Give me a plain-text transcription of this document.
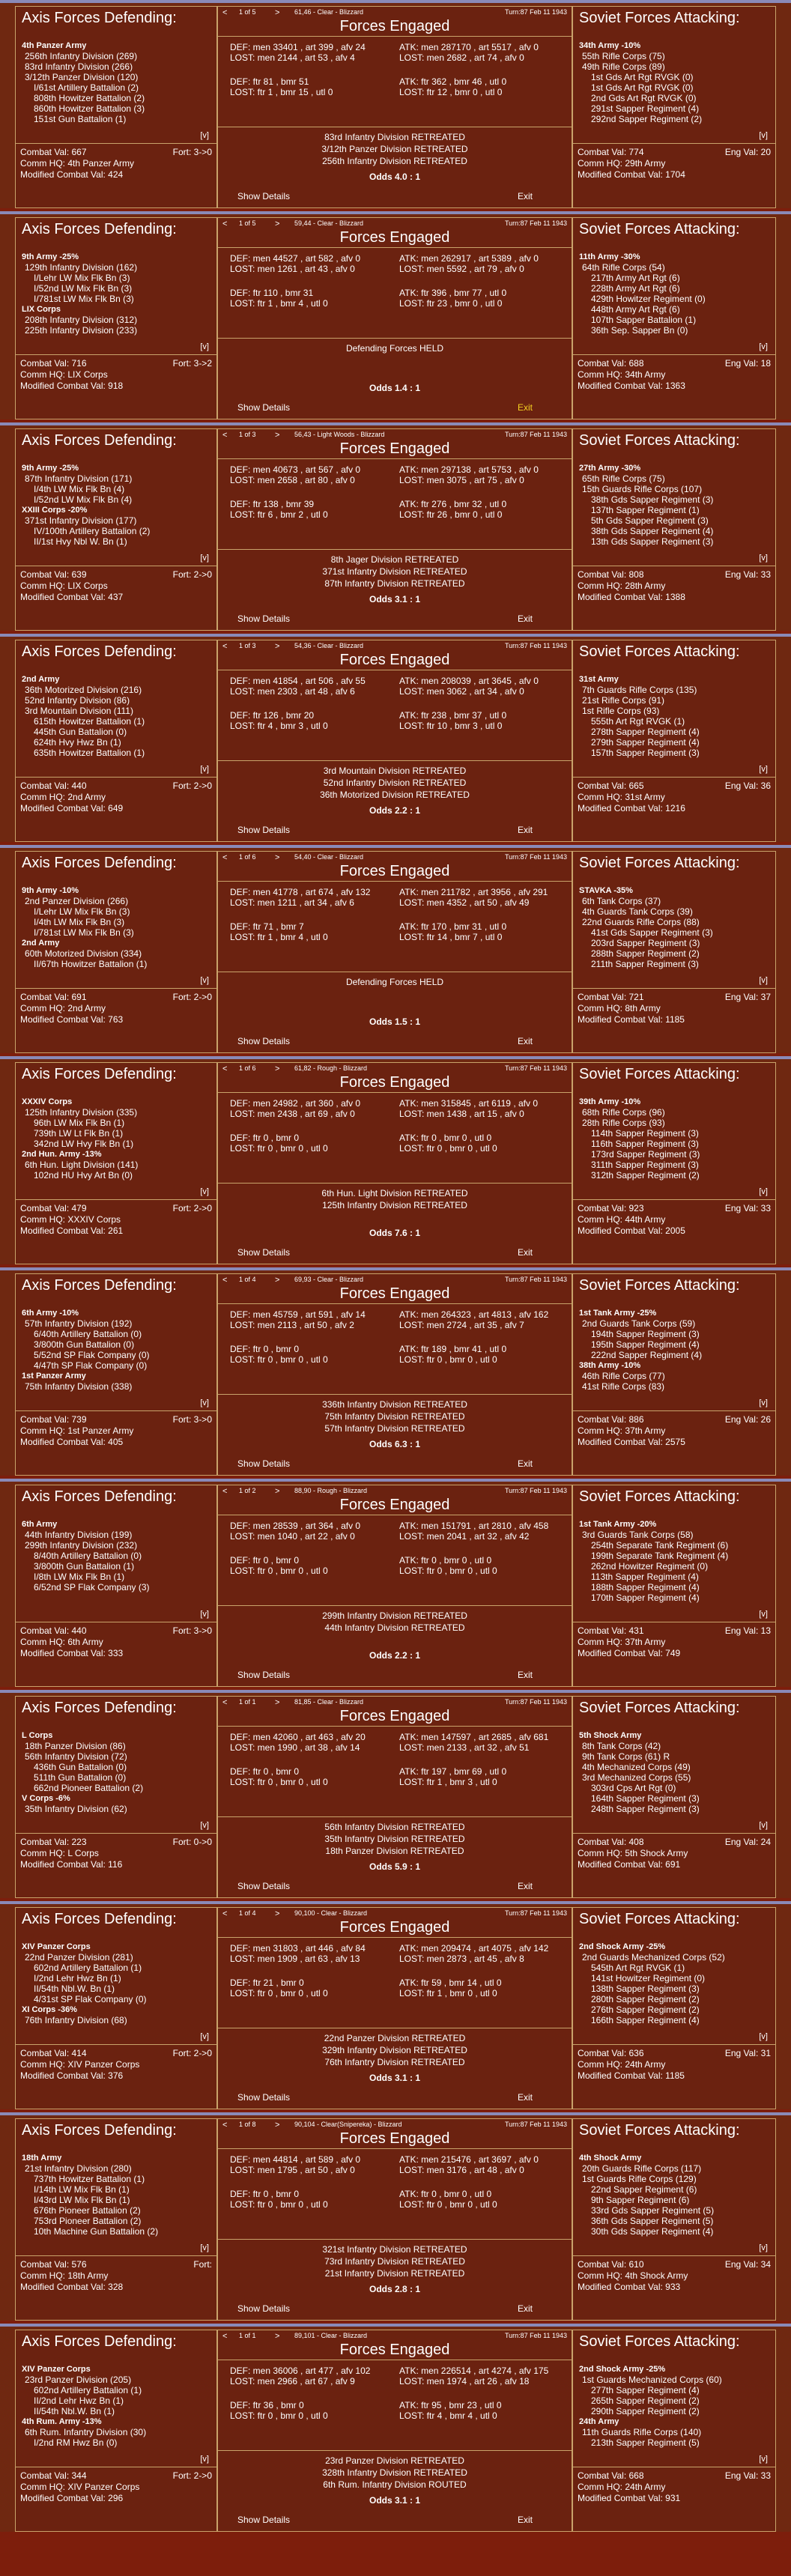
Axis Forces Defending:
4th Panzer Army
256th Infantry Division (269)
83rd Infantry Division (266)
3/12th Panzer Division (120)
I/61st Artillery Battalion (2)
808th Howitzer Battalion (2)
860th Howitzer Battalion (3)
151st Gun Battalion (1)
[v]
Combat Val: 667	Fort: 3->0
Comm HQ: 4th Panzer Army
Modified Combat Val: 424
<	1 of 5	>	61,46 - Clear - Blizzard	Turn:87 Feb 11 1943
Forces Engaged
DEF: men 33401 , art 399 , afv 24
LOST: men 2144 , art 53 , afv 4
ATK: men 287170 , art 5517 , afv 0
LOST: men 2682 , art 74 , afv 0
DEF: ftr 81 , bmr 51
LOST: ftr 1 , bmr 15 , utl 0
ATK: ftr 362 , bmr 46 , utl 0
LOST: ftr 12 , bmr 0 , utl 0
83rd Infantry Division RETREATED
3/12th Panzer Division RETREATED
256th Infantry Division RETREATED
Odds 4.0 : 1
Show Details	Exit
Soviet Forces Attacking:
34th Army -10%
55th Rifle Corps (75)
49th Rifle Corps (89)
1st Gds Art Rgt RVGK (0)
1st Gds Art Rgt RVGK (0)
2nd Gds Art Rgt RVGK (0)
291st Sapper Regiment (4)
292nd Sapper Regiment (2)
[v]
Combat Val: 774	Eng Val: 20
Comm HQ: 29th Army
Modified Combat Val: 1704
Axis Forces Defending:
9th Army -25%
129th Infantry Division (162)
I/Lehr LW Mix Flk Bn (3)
I/52nd LW Mix Flk Bn (3)
I/781st LW Mix Flk Bn (3)
LIX Corps
208th Infantry Division (312)
225th Infantry Division (233)
[v]
Combat Val: 716	Fort: 3->2
Comm HQ: LIX Corps
Modified Combat Val: 918
<	1 of 5	>	59,44 - Clear - Blizzard	Turn:87 Feb 11 1943
Forces Engaged
DEF: men 44527 , art 582 , afv 0
LOST: men 1261 , art 43 , afv 0
ATK: men 262917 , art 5389 , afv 0
LOST: men 5592 , art 79 , afv 0
DEF: ftr 110 , bmr 31
LOST: ftr 1 , bmr 4 , utl 0
ATK: ftr 396 , bmr 77 , utl 0
LOST: ftr 23 , bmr 0 , utl 0
Defending Forces HELD
Odds 1.4 : 1
Show Details	Exit
Soviet Forces Attacking:
11th Army -30%
64th Rifle Corps (54)
217th Army Art Rgt (6)
228th Army Art Rgt (6)
429th Howitzer Regiment (0)
448th Army Art Rgt (6)
107th Sapper Battalion (1)
36th Sep. Sapper Bn (0)
[v]
Combat Val: 688	Eng Val: 18
Comm HQ: 34th Army
Modified Combat Val: 1363
Axis Forces Defending:
9th Army -25%
87th Infantry Division (171)
I/4th LW Mix Flk Bn (4)
I/52nd LW Mix Flk Bn (4)
XXIII Corps -20%
371st Infantry Division (177)
IV/100th Artillery Battalion (2)
II/1st Hvy Nbl W. Bn (1)
[v]
Combat Val: 639	Fort: 2->0
Comm HQ: LIX Corps
Modified Combat Val: 437
<	1 of 3	>	56,43 - Light Woods - Blizzard	Turn:87 Feb 11 1943
Forces Engaged
DEF: men 40673 , art 567 , afv 0
LOST: men 2658 , art 80 , afv 0
ATK: men 297138 , art 5753 , afv 0
LOST: men 3075 , art 75 , afv 0
DEF: ftr 138 , bmr 39
LOST: ftr 6 , bmr 2 , utl 0
ATK: ftr 276 , bmr 32 , utl 0
LOST: ftr 26 , bmr 0 , utl 0
8th Jager Division RETREATED
371st Infantry Division RETREATED
87th Infantry Division RETREATED
Odds 3.1 : 1
Show Details	Exit
Soviet Forces Attacking:
27th Army -30%
65th Rifle Corps (75)
15th Guards Rifle Corps (107)
38th Gds Sapper Regiment (3)
137th Sapper Regiment (1)
5th Gds Sapper Regiment (3)
38th Gds Sapper Regiment (4)
13th Gds Sapper Regiment (3)
[v]
Combat Val: 808	Eng Val: 33
Comm HQ: 28th Army
Modified Combat Val: 1388
Axis Forces Defending:
2nd Army
36th Motorized Division (216)
52nd Infantry Division (86)
3rd Mountain Division (111)
615th Howitzer Battalion (1)
445th Gun Battalion (0)
624th Hvy Hwz Bn (1)
635th Howitzer Battalion (1)
[v]
Combat Val: 440	Fort: 2->0
Comm HQ: 2nd Army
Modified Combat Val: 649
<	1 of 3	>	54,36 - Clear - Blizzard	Turn:87 Feb 11 1943
Forces Engaged
DEF: men 41854 , art 506 , afv 55
LOST: men 2303 , art 48 , afv 6
ATK: men 208039 , art 3645 , afv 0
LOST: men 3062 , art 34 , afv 0
DEF: ftr 126 , bmr 20
LOST: ftr 4 , bmr 3 , utl 0
ATK: ftr 238 , bmr 37 , utl 0
LOST: ftr 10 , bmr 3 , utl 0
3rd Mountain Division RETREATED
52nd Infantry Division RETREATED
36th Motorized Division RETREATED
Odds 2.2 : 1
Show Details	Exit
Soviet Forces Attacking:
31st Army
7th Guards Rifle Corps (135)
21st Rifle Corps (91)
1st Rifle Corps (93)
555th Art Rgt RVGK (1)
278th Sapper Regiment (4)
279th Sapper Regiment (4)
157th Sapper Regiment (3)
[v]
Combat Val: 665	Eng Val: 36
Comm HQ: 31st Army
Modified Combat Val: 1216
Axis Forces Defending:
9th Army -10%
2nd Panzer Division (266)
I/Lehr LW Mix Flk Bn (3)
I/4th LW Mix Flk Bn (3)
I/781st LW Mix Flk Bn (3)
2nd Army
60th Motorized Division (334)
II/67th Howitzer Battalion (1)
[v]
Combat Val: 691	Fort: 2->0
Comm HQ: 2nd Army
Modified Combat Val: 763
<	1 of 6	>	54,40 - Clear - Blizzard	Turn:87 Feb 11 1943
Forces Engaged
DEF: men 41778 , art 674 , afv 132
LOST: men 1211 , art 34 , afv 6
ATK: men 211782 , art 3956 , afv 291
LOST: men 4352 , art 50 , afv 49
DEF: ftr 71 , bmr 7
LOST: ftr 1 , bmr 4 , utl 0
ATK: ftr 170 , bmr 31 , utl 0
LOST: ftr 14 , bmr 7 , utl 0
Defending Forces HELD
Odds 1.5 : 1
Show Details	Exit
Soviet Forces Attacking:
STAVKA -35%
6th Tank Corps (37)
4th Guards Tank Corps (39)
22nd Guards Rifle Corps (88)
41st Gds Sapper Regiment (3)
203rd Sapper Regiment (3)
288th Sapper Regiment (2)
211th Sapper Regiment (3)
[v]
Combat Val: 721	Eng Val: 37
Comm HQ: 8th Army
Modified Combat Val: 1185
Axis Forces Defending:
XXXIV Corps
125th Infantry Division (335)
96th LW Mix Flk Bn (1)
739th LW Lt Flk Bn (1)
342nd LW Hvy Flk Bn (1)
2nd Hun. Army -13%
6th Hun. Light Division (141)
102nd HU Hvy Art Bn (0)
[v]
Combat Val: 479	Fort: 2->0
Comm HQ: XXXIV Corps
Modified Combat Val: 261
<	1 of 6	>	61,82 - Rough - Blizzard	Turn:87 Feb 11 1943
Forces Engaged
DEF: men 24982 , art 360 , afv 0
LOST: men 2438 , art 69 , afv 0
ATK: men 315845 , art 6119 , afv 0
LOST: men 1438 , art 15 , afv 0
DEF: ftr 0 , bmr 0
LOST: ftr 0 , bmr 0 , utl 0
ATK: ftr 0 , bmr 0 , utl 0
LOST: ftr 0 , bmr 0 , utl 0
6th Hun. Light Division RETREATED
125th Infantry Division RETREATED
Odds 7.6 : 1
Show Details	Exit
Soviet Forces Attacking:
39th Army -10%
68th Rifle Corps (96)
28th Rifle Corps (93)
114th Sapper Regiment (3)
116th Sapper Regiment (3)
173rd Sapper Regiment (3)
311th Sapper Regiment (3)
312th Sapper Regiment (2)
[v]
Combat Val: 923	Eng Val: 33
Comm HQ: 44th Army
Modified Combat Val: 2005
Axis Forces Defending:
6th Army -10%
57th Infantry Division (192)
6/40th Artillery Battalion (0)
3/800th Gun Battalion (0)
5/52nd SP Flak Company (0)
4/47th SP Flak Company (0)
1st Panzer Army
75th Infantry Division (338)
[v]
Combat Val: 739	Fort: 3->0
Comm HQ: 1st Panzer Army
Modified Combat Val: 405
<	1 of 4	>	69,93 - Clear - Blizzard	Turn:87 Feb 11 1943
Forces Engaged
DEF: men 45759 , art 591 , afv 14
LOST: men 2113 , art 50 , afv 2
ATK: men 264323 , art 4813 , afv 162
LOST: men 2724 , art 35 , afv 7
DEF: ftr 0 , bmr 0
LOST: ftr 0 , bmr 0 , utl 0
ATK: ftr 189 , bmr 41 , utl 0
LOST: ftr 0 , bmr 0 , utl 0
336th Infantry Division RETREATED
75th Infantry Division RETREATED
57th Infantry Division RETREATED
Odds 6.3 : 1
Show Details	Exit
Soviet Forces Attacking:
1st Tank Army -25%
2nd Guards Tank Corps (59)
194th Sapper Regiment (3)
195th Sapper Regiment (4)
222nd Sapper Regiment (4)
38th Army -10%
46th Rifle Corps (77)
41st Rifle Corps (83)
[v]
Combat Val: 886	Eng Val: 26
Comm HQ: 37th Army
Modified Combat Val: 2575
Axis Forces Defending:
6th Army
44th Infantry Division (199)
299th Infantry Division (232)
8/40th Artillery Battalion (0)
3/800th Gun Battalion (1)
I/8th LW Mix Flk Bn (1)
6/52nd SP Flak Company (3)
[v]
Combat Val: 440	Fort: 3->0
Comm HQ: 6th Army
Modified Combat Val: 333
<	1 of 2	>	88,90 - Rough - Blizzard	Turn:87 Feb 11 1943
Forces Engaged
DEF: men 28539 , art 364 , afv 0
LOST: men 1040 , art 22 , afv 0
ATK: men 151791 , art 2810 , afv 458
LOST: men 2041 , art 32 , afv 42
DEF: ftr 0 , bmr 0
LOST: ftr 0 , bmr 0 , utl 0
ATK: ftr 0 , bmr 0 , utl 0
LOST: ftr 0 , bmr 0 , utl 0
299th Infantry Division RETREATED
44th Infantry Division RETREATED
Odds 2.2 : 1
Show Details	Exit
Soviet Forces Attacking:
1st Tank Army -20%
3rd Guards Tank Corps (58)
254th Separate Tank Regiment (6)
199th Separate Tank Regiment (4)
262nd Howitzer Regiment (0)
113th Sapper Regiment (4)
188th Sapper Regiment (4)
170th Sapper Regiment (4)
[v]
Combat Val: 431	Eng Val: 13
Comm HQ: 37th Army
Modified Combat Val: 749
Axis Forces Defending:
L Corps
18th Panzer Division (86)
56th Infantry Division (72)
436th Gun Battalion (0)
511th Gun Battalion (0)
662nd Pioneer Battalion (2)
V Corps -6%
35th Infantry Division (62)
[v]
Combat Val: 223	Fort: 0->0
Comm HQ: L Corps
Modified Combat Val: 116
<	1 of 1	>	81,85 - Clear - Blizzard	Turn:87 Feb 11 1943
Forces Engaged
DEF: men 42060 , art 463 , afv 20
LOST: men 1990 , art 38 , afv 14
ATK: men 147597 , art 2685 , afv 681
LOST: men 2133 , art 32 , afv 51
DEF: ftr 0 , bmr 0
LOST: ftr 0 , bmr 0 , utl 0
ATK: ftr 197 , bmr 69 , utl 0
LOST: ftr 1 , bmr 3 , utl 0
56th Infantry Division RETREATED
35th Infantry Division RETREATED
18th Panzer Division RETREATED
Odds 5.9 : 1
Show Details	Exit
Soviet Forces Attacking:
5th Shock Army
8th Tank Corps (42)
9th Tank Corps (61) R
4th Mechanized Corps (49)
3rd Mechanized Corps (55)
303rd Cps Art Rgt (0)
164th Sapper Regiment (3)
248th Sapper Regiment (3)
[v]
Combat Val: 408	Eng Val: 24
Comm HQ: 5th Shock Army
Modified Combat Val: 691
Axis Forces Defending:
XIV Panzer Corps
22nd Panzer Division (281)
602nd Artillery Battalion (1)
I/2nd Lehr Hwz Bn (1)
II/54th Nbl.W. Bn (1)
4/31st SP Flak Company (0)
XI Corps -36%
76th Infantry Division (68)
[v]
Combat Val: 414	Fort: 2->0
Comm HQ: XIV Panzer Corps
Modified Combat Val: 376
<	1 of 4	>	90,100 - Clear - Blizzard	Turn:87 Feb 11 1943
Forces Engaged
DEF: men 31803 , art 446 , afv 84
LOST: men 1909 , art 63 , afv 13
ATK: men 209474 , art 4075 , afv 142
LOST: men 2873 , art 45 , afv 8
DEF: ftr 21 , bmr 0
LOST: ftr 0 , bmr 0 , utl 0
ATK: ftr 59 , bmr 14 , utl 0
LOST: ftr 1 , bmr 0 , utl 0
22nd Panzer Division RETREATED
329th Infantry Division RETREATED
76th Infantry Division RETREATED
Odds 3.1 : 1
Show Details	Exit
Soviet Forces Attacking:
2nd Shock Army -25%
2nd Guards Mechanized Corps (52)
545th Art Rgt RVGK (1)
141st Howitzer Regiment (0)
138th Sapper Regiment (3)
280th Sapper Regiment (2)
276th Sapper Regiment (2)
166th Sapper Regiment (4)
[v]
Combat Val: 636	Eng Val: 31
Comm HQ: 24th Army
Modified Combat Val: 1185
Axis Forces Defending:
18th Army
21st Infantry Division (280)
737th Howitzer Battalion (1)
I/14th LW Mix Flk Bn (1)
I/43rd LW Mix Flk Bn (1)
676th Pioneer Battalion (2)
753rd Pioneer Battalion (2)
10th Machine Gun Battalion (2)
[v]
Combat Val: 576	Fort:
Comm HQ: 18th Army
Modified Combat Val: 328
<	1 of 8	>	90,104 - Clear(Snipereka) - Blizzard	Turn:87 Feb 11 1943
Forces Engaged
DEF: men 44814 , art 589 , afv 0
LOST: men 1795 , art 50 , afv 0
ATK: men 215476 , art 3697 , afv 0
LOST: men 3176 , art 48 , afv 0
DEF: ftr 0 , bmr 0
LOST: ftr 0 , bmr 0 , utl 0
ATK: ftr 0 , bmr 0 , utl 0
LOST: ftr 0 , bmr 0 , utl 0
321st Infantry Division RETREATED
73rd Infantry Division RETREATED
21st Infantry Division RETREATED
Odds 2.8 : 1
Show Details	Exit
Soviet Forces Attacking:
4th Shock Army
20th Guards Rifle Corps (117)
1st Guards Rifle Corps (129)
22nd Sapper Regiment (6)
9th Sapper Regiment (6)
33rd Gds Sapper Regiment (5)
36th Gds Sapper Regiment (5)
30th Gds Sapper Regiment (4)
[v]
Combat Val: 610	Eng Val: 34
Comm HQ: 4th Shock Army
Modified Combat Val: 933
Axis Forces Defending:
XIV Panzer Corps
23rd Panzer Division (205)
602nd Artillery Battalion (1)
II/2nd Lehr Hwz Bn (1)
II/54th Nbl.W. Bn (1)
4th Rum. Army -13%
6th Rum. Infantry Division (30)
I/2nd RM Hwz Bn (0)
[v]
Combat Val: 344	Fort: 2->0
Comm HQ: XIV Panzer Corps
Modified Combat Val: 296
<	1 of 1	>	89,101 - Clear - Blizzard	Turn:87 Feb 11 1943
Forces Engaged
DEF: men 36006 , art 477 , afv 102
LOST: men 2966 , art 67 , afv 9
ATK: men 226514 , art 4274 , afv 175
LOST: men 1974 , art 26 , afv 18
DEF: ftr 36 , bmr 0
LOST: ftr 0 , bmr 0 , utl 0
ATK: ftr 95 , bmr 23 , utl 0
LOST: ftr 4 , bmr 4 , utl 0
23rd Panzer Division RETREATED
328th Infantry Division RETREATED
6th Rum. Infantry Division ROUTED
Odds 3.1 : 1
Show Details	Exit
Soviet Forces Attacking:
2nd Shock Army -25%
1st Guards Mechanized Corps (60)
277th Sapper Regiment (4)
265th Sapper Regiment (2)
290th Sapper Regiment (2)
24th Army
11th Guards Rifle Corps (140)
213th Sapper Regiment (5)
[v]
Combat Val: 668	Eng Val: 33
Comm HQ: 24th Army
Modified Combat Val: 931
